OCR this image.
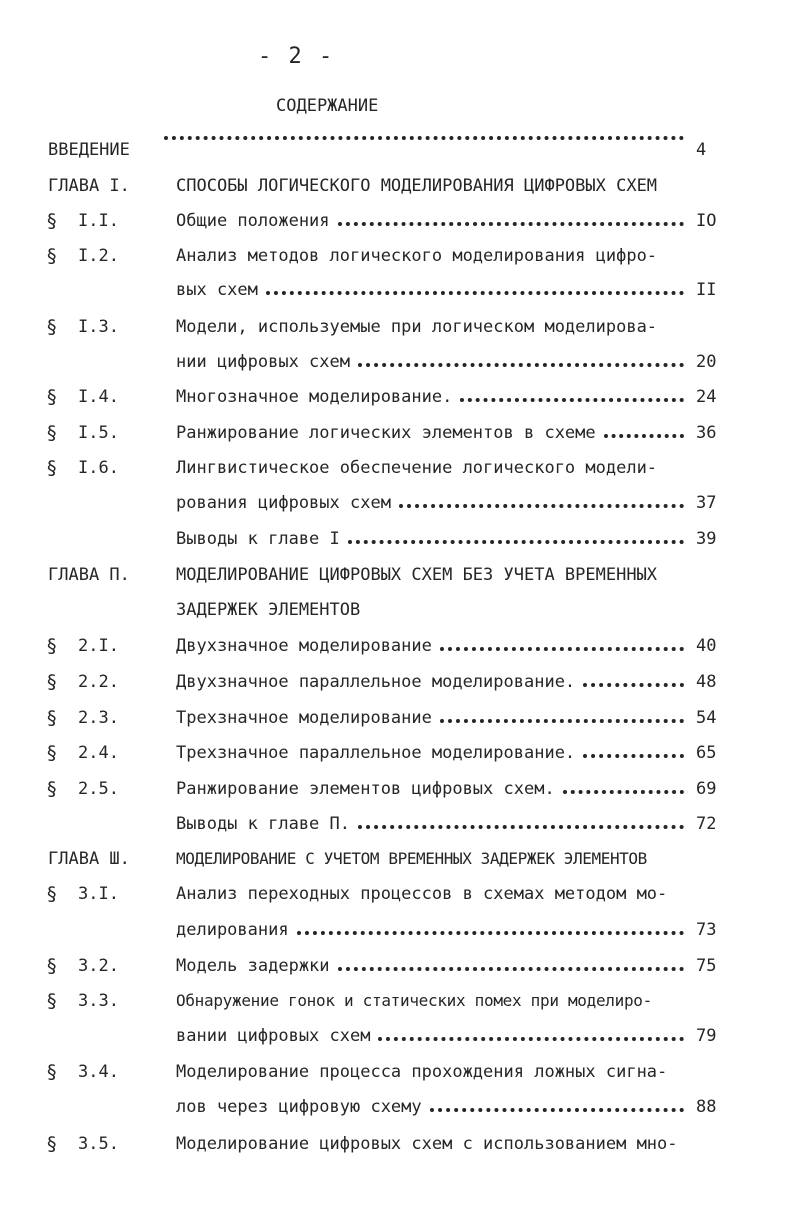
- 2 -
СОДЕРЖАНИЕ
ВВЕДЕНИЕ	4
ГЛАВА I.	СПОСОБЫ ЛОГИЧЕСКОГО МОДЕЛИРОВАНИЯ ЦИФРОВЫХ СХЕМ
§ I.I.	Общие положения	IO
§ I.2.	Анализ методов логического моделирования цифро-
вых схем	II
§ I.3.	Модели, используемые при логическом моделирова-
нии цифровых схем	20
§ I.4.	Многозначное моделирование.	24
§ I.5.	Ранжирование логических элементов в схеме	36
§ I.6.	Лингвистическое обеспечение логического модели-
рования цифровых схем	37
Выводы к главе I	39
ГЛАВА П.	МОДЕЛИРОВАНИЕ ЦИФРОВЫХ СХЕМ БЕЗ УЧЕТА ВРЕМЕННЫХ
ЗАДЕРЖЕК ЭЛЕМЕНТОВ
§ 2.I.	Двухзначное моделирование	40
§ 2.2.	Двухзначное параллельное моделирование.	48
§ 2.3.	Трехзначное моделирование	54
§ 2.4.	Трехзначное параллельное моделирование.	65
§ 2.5.	Ранжирование элементов цифровых схем.	69
Выводы к главе П.	72
ГЛАВА Ш.	МОДЕЛИРОВАНИЕ С УЧЕТОМ ВРЕМЕННЫХ ЗАДЕРЖЕК ЭЛЕМЕНТОВ
§ 3.I.	Анализ переходных процессов в схемах методом мо-
делирования	73
§ 3.2.	Модель задержки	75
§ 3.3.	Обнаружение гонок и статических помех при моделиро-
вании цифровых схем	79
§ 3.4.	Моделирование процесса прохождения ложных сигна-
лов через цифровую схему	88
§ 3.5.	Моделирование цифровых схем с использованием мно-
